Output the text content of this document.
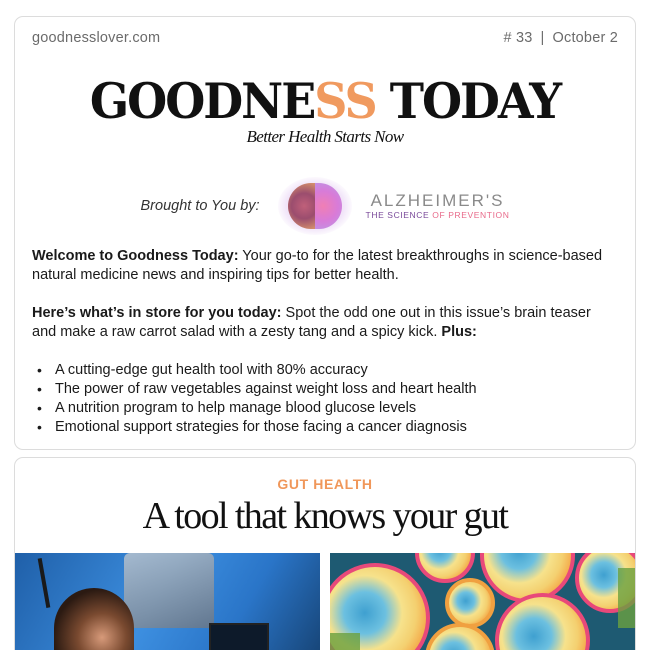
goodnesslover.com	# 33 | October 2
GOODNESS TODAY
Better Health Starts Now
Brought to You by:	ALZHEIMER'S
THE SCIENCE OF PREVENTION

Welcome to Goodness Today: Your go-to for the latest breakthroughs in science-based natural medicine news and inspiring tips for better health.

Here’s what’s in store for you today: Spot the odd one out in this issue’s brain teaser and make a raw carrot salad with a zesty tang and a spicy kick. Plus:

• A cutting-edge gut health tool with 80% accuracy
• The power of raw vegetables against weight loss and heart health
• A nutrition program to help manage blood glucose levels
• Emotional support strategies for those facing a cancer diagnosis
GUT HEALTH
A tool that knows your gut
